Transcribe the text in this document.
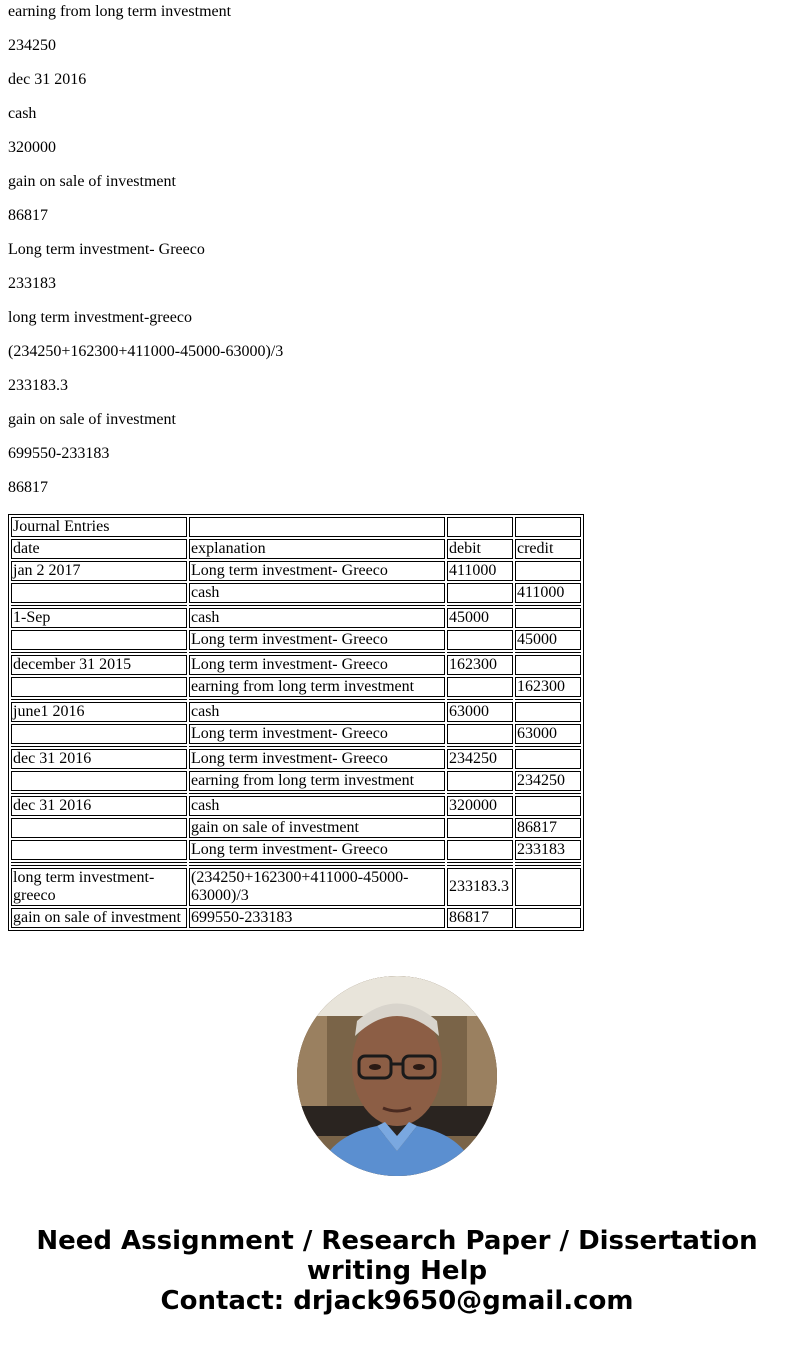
earning from long term investment
234250
dec 31 2016
cash
320000
gain on sale of investment
86817
Long term investment- Greeco
233183
long term investment-greeco
(234250+162300+411000-45000-63000)/3
233183.3
gain on sale of investment
699550-233183
86817
Journal Entries			
date	explanation	debit	credit
jan 2 2017	Long term investment- Greeco	411000	
	cash		411000

1-Sep	cash	45000	
	Long term investment- Greeco		45000

december 31 2015	Long term investment- Greeco	162300	
	earning from long term investment		162300

june1 2016	cash	63000	
	Long term investment- Greeco		63000

dec 31 2016	Long term investment- Greeco	234250	
	earning from long term investment		234250

dec 31 2016	cash	320000	
	gain on sale of investment		86817
	Long term investment- Greeco		233183

long term investment-greeco	(234250+162300+411000-45000-63000)/3	233183.3	
gain on sale of investment	699550-233183	86817	
Need Assignment / Research Paper / Dissertation
writing Help
Contact: drjack9650@gmail.com
